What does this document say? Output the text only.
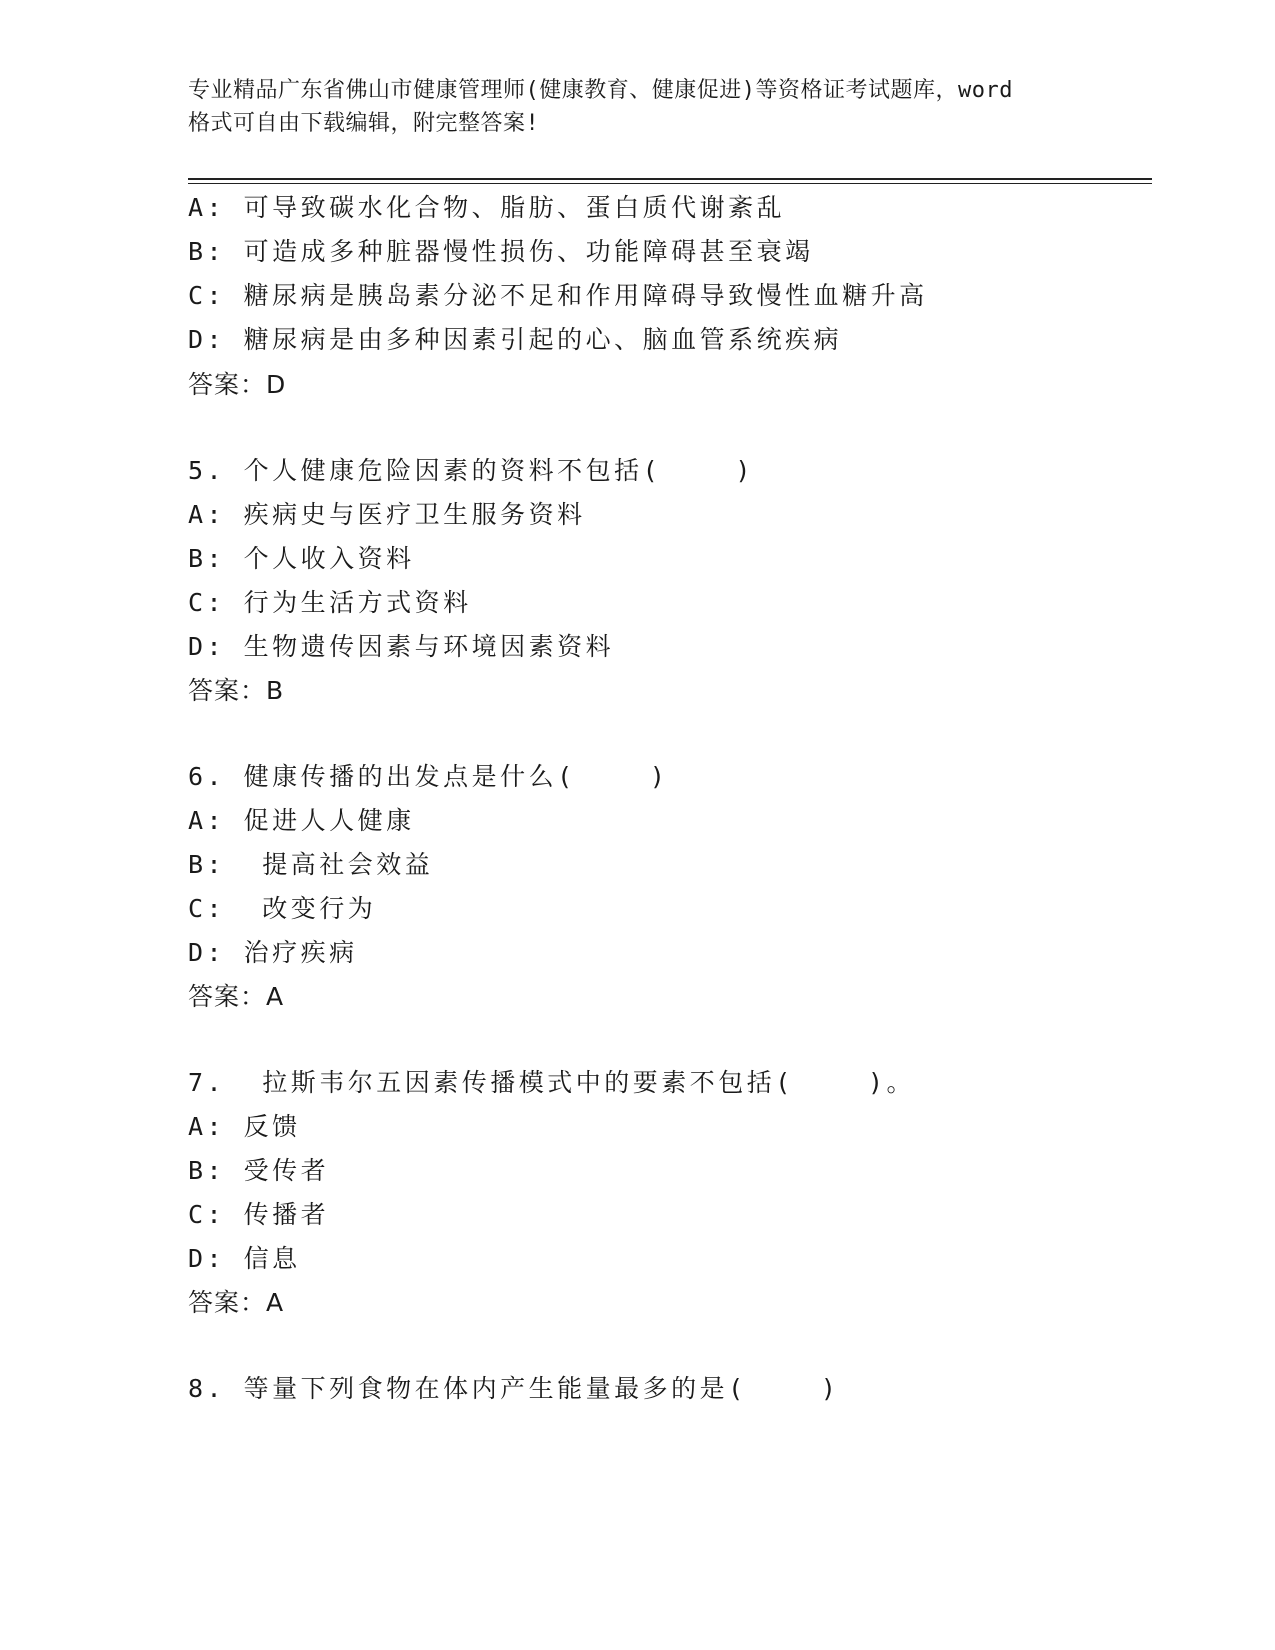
专业精品广东省佛山市健康管理师(健康教育、健康促进)等资格证考试题库，word
格式可自由下载编辑，附完整答案!
A: 可导致碳水化合物、脂肪、蛋白质代谢紊乱
B: 可造成多种脏器慢性损伤、功能障碍甚至衰竭
C: 糖尿病是胰岛素分泌不足和作用障碍导致慢性血糖升高
D: 糖尿病是由多种因素引起的心、脑血管系统疾病
答案：D
5. 个人健康危险因素的资料不包括(    )
A: 疾病史与医疗卫生服务资料
B: 个人收入资料
C: 行为生活方式资料
D: 生物遗传因素与环境因素资料
答案：B
6. 健康传播的出发点是什么(    )
A: 促进人人健康
B:  提高社会效益
C:  改变行为
D: 治疗疾病
答案：A
7.  拉斯韦尔五因素传播模式中的要素不包括(    )。
A: 反馈
B: 受传者
C: 传播者
D: 信息
答案：A
8. 等量下列食物在体内产生能量最多的是(    )
